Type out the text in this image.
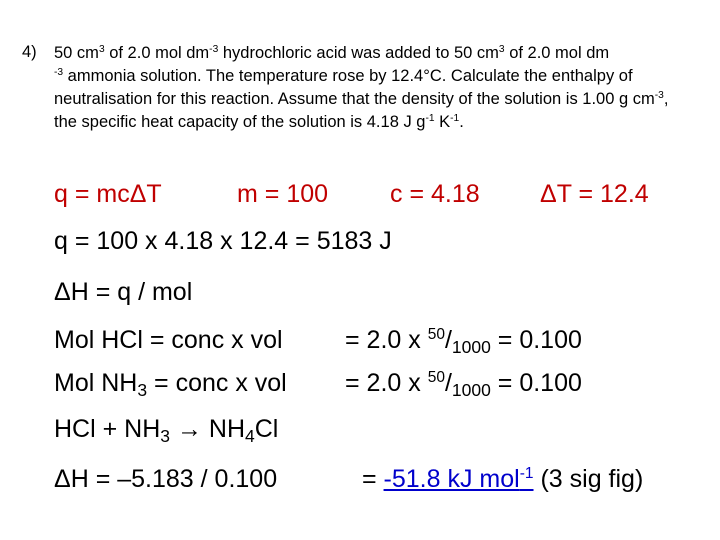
4) 50 $cm^3$ of 2.0 mol $dm^{-3}$ hydrochloric acid was added to 50 $cm^3$ of 2.0 mol dm
$^{-3}$ ammonia solution. The temperature rose by 12.4°C. Calculate the enthalpy of neutralisation for this reaction. Assume that the density of the solution is 1.00 g $cm^{-3}$, the specific heat capacity of the solution is 4.18 J $g^{-1}$ $K^{-1}$.
q = mcΔT	m = 100 c = 4.18 ΔT = 12.4
q = 100 x 4.18 x 12.4 = 5183 J
ΔH = q / mol
Mol HCl = conc x vol = 2.0 x $^{50}/_{1000} = 0.100$
Mol $NH_3$ = conc x vol = 2.0 x $^{50}/_{1000} = 0.100$
HCl + $NH_3 \to NH_4Cl$
ΔH = –5.183 / 0.100	= -51.8 kJ mol$^{-1}$ (3 sig fig)
